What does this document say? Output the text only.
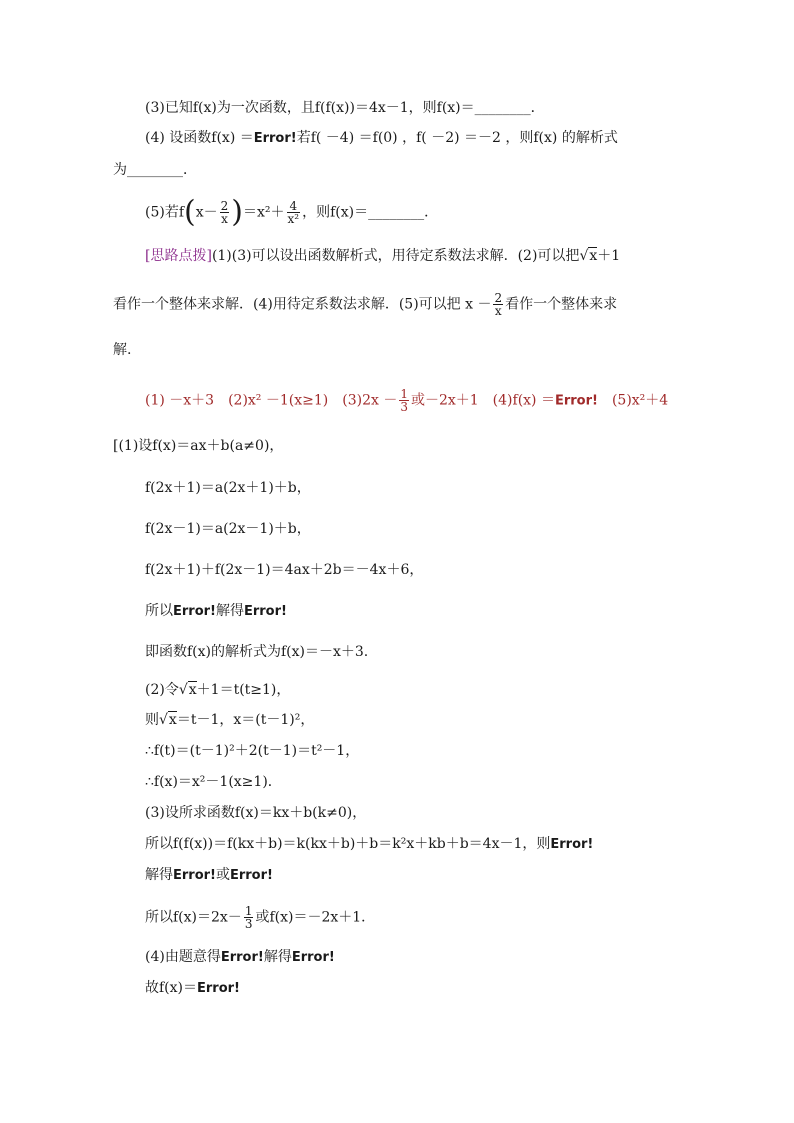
(3)已知f(x)为一次函数，且f(f(x))＝4x－1，则f(x)＝________．
(4) 设函数f(x) ＝Error!若f( －4) ＝f(0) ，f( －2) ＝－2 ，则f(x) 的解析式
为________．
(5)若$f(x- \frac{2}{x} )=x^2+ \frac{4}{\text{x²}}$ ，则f(x)＝________．
[思路点拨](1)(3)可以设出函数解析式，用待定系数法求解．(2)可以把√x＋1
看作一个整体来求解．(4)用待定系数法求解．(5)可以把 $x - \frac{2}{x}$ 看作一个整体来求
解.
(1) －x＋3　(2)x² －1(x≥1)　$(3)2x - \frac{1}{3}$ 或－2x＋1　(4)f(x) ＝Error!　 (5)x²＋4
[(1)设f(x)＝ax＋b(a≠0)，
f(2x＋1)＝a(2x＋1)＋b，
f(2x－1)＝a(2x－1)＋b，
f(2x＋1)＋f(2x－1)＝4ax＋2b＝－4x＋6，
所以Error!解得Error!
即函数f(x)的解析式为f(x)＝－x＋3.
(2)令√x＋1＝t(t≥1)，
则√x＝t－1，x＝(t－1)²，
∴f(t)＝(t－1)²＋2(t－1)＝t²－1，
∴f(x)＝x²－1(x≥1)．
(3)设所求函数f(x)＝kx＋b(k≠0)，
所以f(f(x))＝f(kx＋b)＝k(kx＋b)＋b＝k²x＋kb＋b＝4x－1，则Error!
解得Error!或Error!
所以$f(x)=2x- \frac{1}{3}$ 或f(x)＝－2x＋1．
(4)由题意得Error!解得Error!
故f(x)＝Error!
